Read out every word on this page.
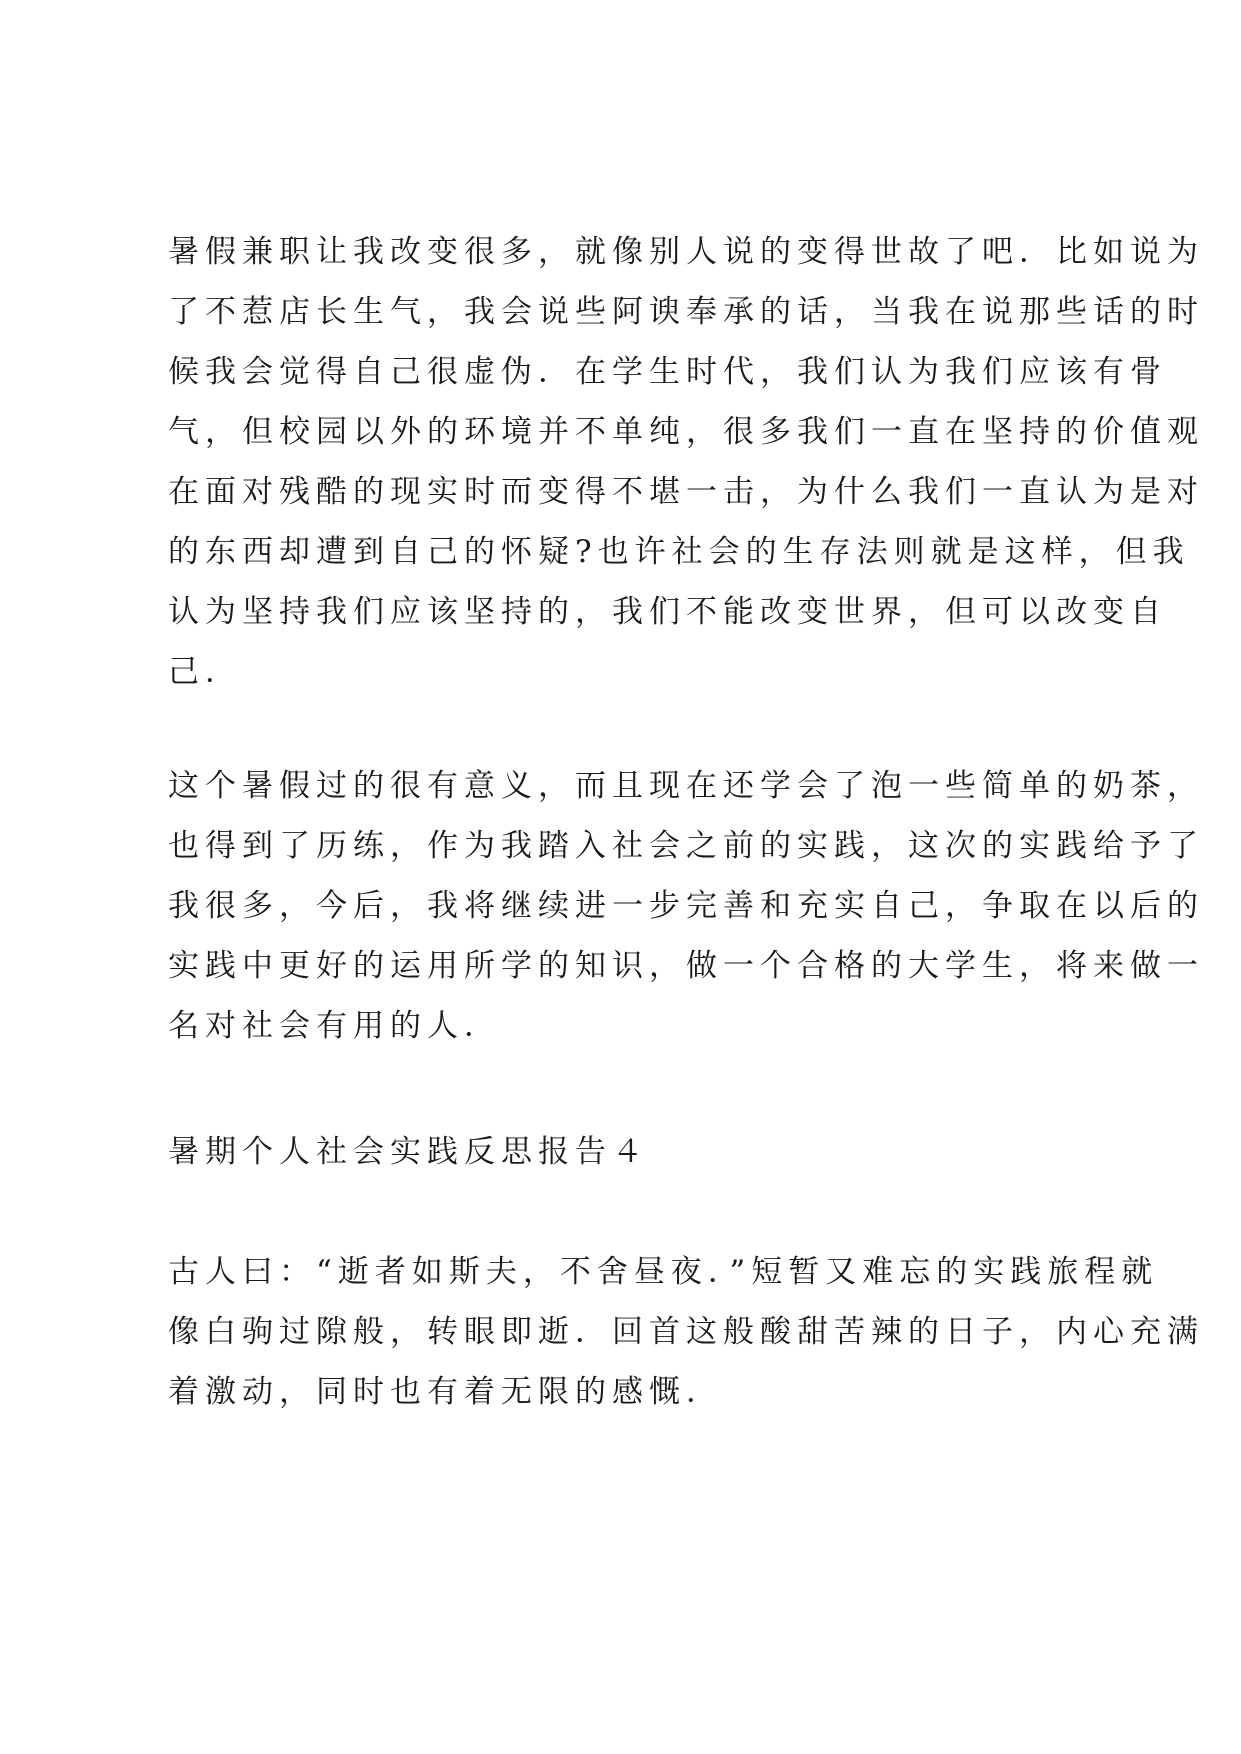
暑假兼职让我改变很多，就像别人说的变得世故了吧．比如说为
了不惹店长生气，我会说些阿谀奉承的话，当我在说那些话的时
候我会觉得自己很虚伪．在学生时代，我们认为我们应该有骨
气，但校园以外的环境并不单纯，很多我们一直在坚持的价值观
在面对残酷的现实时而变得不堪一击，为什么我们一直认为是对
的东西却遭到自己的怀疑?也许社会的生存法则就是这样，但我
认为坚持我们应该坚持的，我们不能改变世界，但可以改变自
己．
这个暑假过的很有意义，而且现在还学会了泡一些简单的奶茶，
也得到了历练，作为我踏入社会之前的实践，这次的实践给予了
我很多，今后，我将继续进一步完善和充实自己，争取在以后的
实践中更好的运用所学的知识，做一个合格的大学生，将来做一
名对社会有用的人．
暑期个人社会实践反思报告４
古人曰：“逝者如斯夫，不舍昼夜．”短暂又难忘的实践旅程就
像白驹过隙般，转眼即逝．回首这般酸甜苦辣的日子，内心充满
着激动，同时也有着无限的感慨．
